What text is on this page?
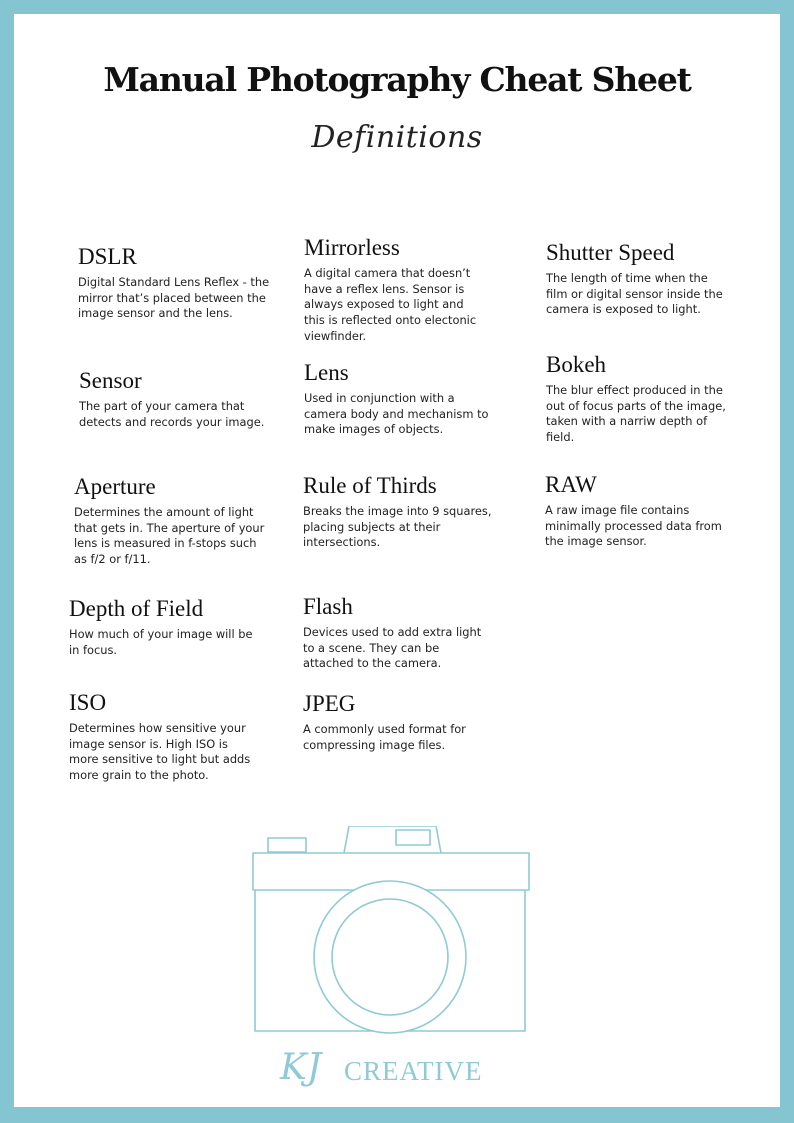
Manual Photography Cheat Sheet
Definitions
DSLR

Digital Standard Lens Reflex - the mirror that’s placed between the image sensor and the lens.

Sensor

The part of your camera that detects and records your image.

Aperture

Determines the amount of light that gets in. The aperture of your lens is measured in f-stops such as f/2 or f/11.

Depth of Field

How much of your image will be in focus.

ISO

Determines how sensitive your image sensor is. High ISO is more sensitive to light but adds more grain to the photo.

Mirrorless

A digital camera that doesn’t have a reflex lens. Sensor is always exposed to light and this is reflected onto electonic viewfinder.

Lens

Used in conjunction with a camera body and mechanism to make images of objects.

Rule of Thirds

Breaks the image into 9 squares, placing subjects at their intersections.

Flash

Devices used to add extra light to a scene. They can be attached to the camera.

JPEG

A commonly used format for compressing image files.

Shutter Speed

The length of time when the film or digital sensor inside the camera is exposed to light.

Bokeh

The blur effect produced in the out of focus parts of the image, taken with a narriw depth of field.

RAW

A raw image file contains minimally processed data from the image sensor.

KJ CREATIVE
